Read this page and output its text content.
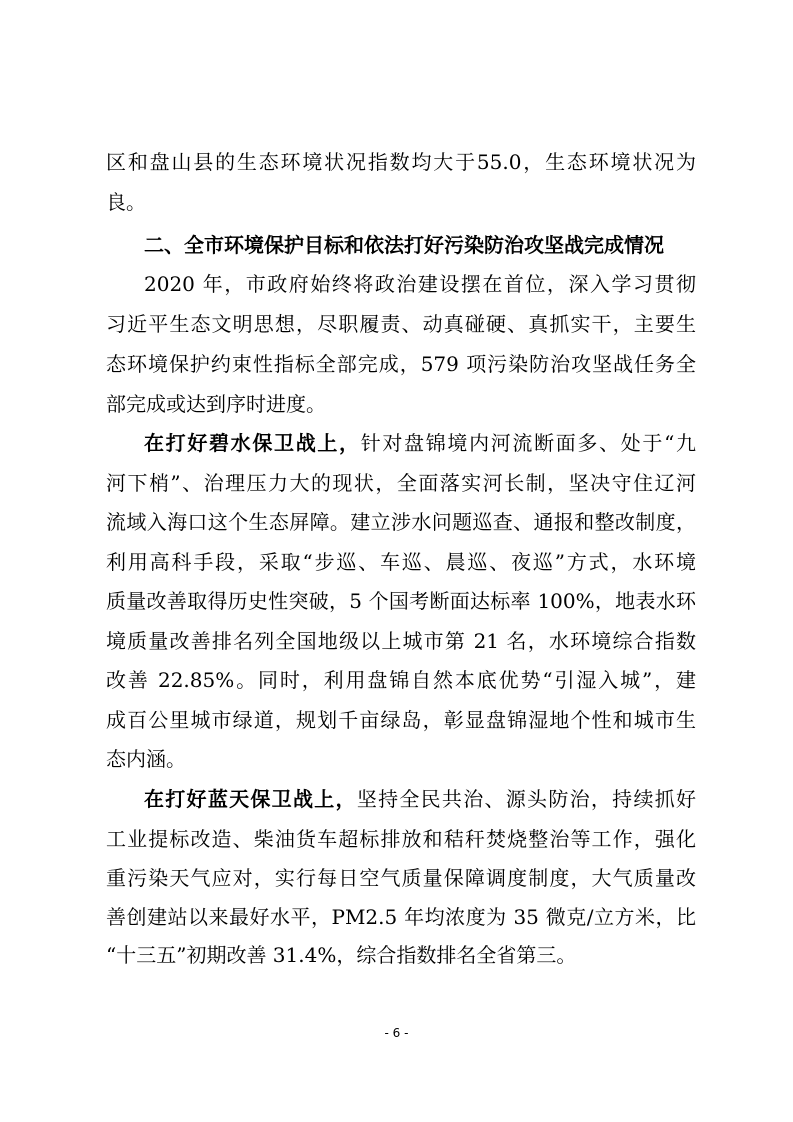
区和盘山县的生态环境状况指数均大于55.0，生态环境状况为
良。
二、全市环境保护目标和依法打好污染防治攻坚战完成情况
2020 年，市政府始终将政治建设摆在首位，深入学习贯彻
习近平生态文明思想，尽职履责、动真碰硬、真抓实干，主要生
态环境保护约束性指标全部完成，579 项污染防治攻坚战任务全
部完成或达到序时进度。
在打好碧水保卫战上，针对盘锦境内河流断面多、处于“九
河下梢”、治理压力大的现状，全面落实河长制，坚决守住辽河
流域入海口这个生态屏障。建立涉水问题巡查、通报和整改制度，
利用高科手段，采取“步巡、车巡、晨巡、夜巡”方式，水环境
质量改善取得历史性突破，5 个国考断面达标率 100%，地表水环
境质量改善排名列全国地级以上城市第 21 名，水环境综合指数
改善 22.85%。同时，利用盘锦自然本底优势“引湿入城”，建
成百公里城市绿道，规划千亩绿岛，彰显盘锦湿地个性和城市生
态内涵。
在打好蓝天保卫战上，坚持全民共治、源头防治，持续抓好
工业提标改造、柴油货车超标排放和秸秆焚烧整治等工作，强化
重污染天气应对，实行每日空气质量保障调度制度，大气质量改
善创建站以来最好水平，PM2.5 年均浓度为 35 微克/立方米，比
“十三五”初期改善 31.4%，综合指数排名全省第三。
- 6 -
